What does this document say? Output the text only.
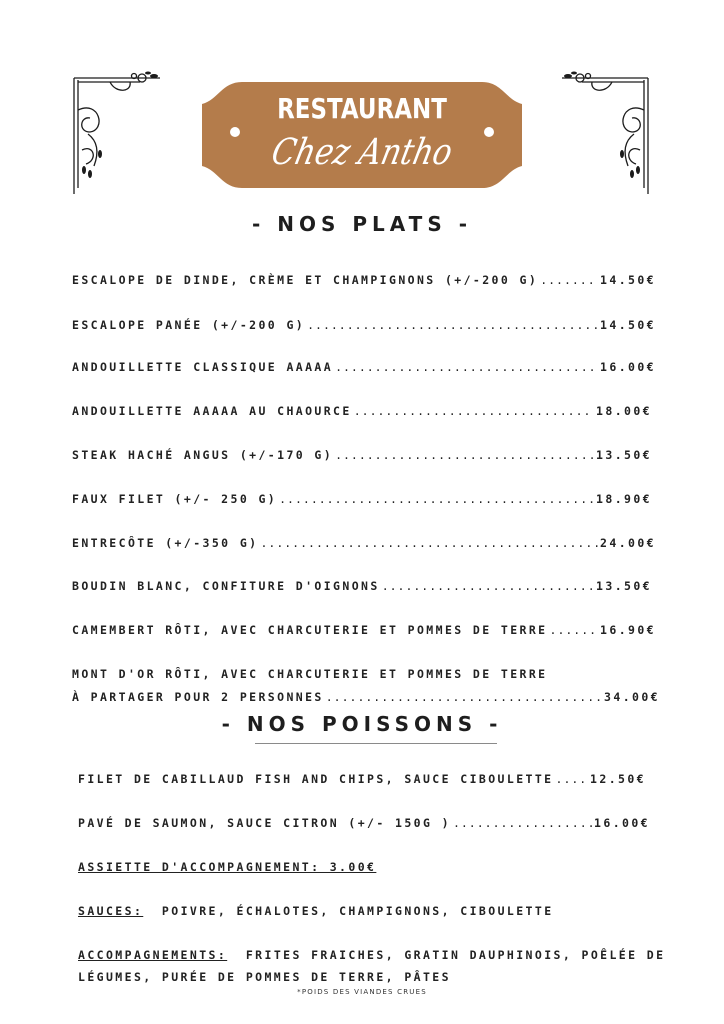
RESTAURANT
Chez Antho
- NOS PLATS -
ESCALOPE DE DINDE, CRÈME ET CHAMPIGNONS (+/-200 G) .....	14.50€
ESCALOPE PANÉE (+/-200 G) .....	14.50€
ANDOUILLETTE CLASSIQUE AAAAA .....	16.00€
ANDOUILLETTE AAAAA AU CHAOURCE .....	18.00€
STEAK HACHÉ ANGUS (+/-170 G) .....	13.50€
FAUX FILET (+/- 250 G) .....	18.90€
ENTRECÔTE (+/-350 G) .....	24.00€
BOUDIN BLANC, CONFITURE D'OIGNONS .....	13.50€
CAMEMBERT RÔTI, AVEC CHARCUTERIE ET POMMES DE TERRE .....	16.90€
MONT D'OR RÔTI, AVEC CHARCUTERIE ET POMMES DE TERRE
À PARTAGER POUR 2 PERSONNES .....	34.00€
- NOS POISSONS -
FILET DE CABILLAUD FISH AND CHIPS, SAUCE CIBOULETTE .....	12.50€
PAVÉ DE SAUMON, SAUCE CITRON (+/- 150G ) .....	16.00€
ASSIETTE D'ACCOMPAGNEMENT: 3.00€
SAUCES: POIVRE, ÉCHALOTES, CHAMPIGNONS, CIBOULETTE
ACCOMPAGNEMENTS: FRITES FRAICHES, GRATIN DAUPHINOIS, POÊLÉE DE
LÉGUMES, PURÉE DE POMMES DE TERRE, PÂTES
*POIDS DES VIANDES CRUES
